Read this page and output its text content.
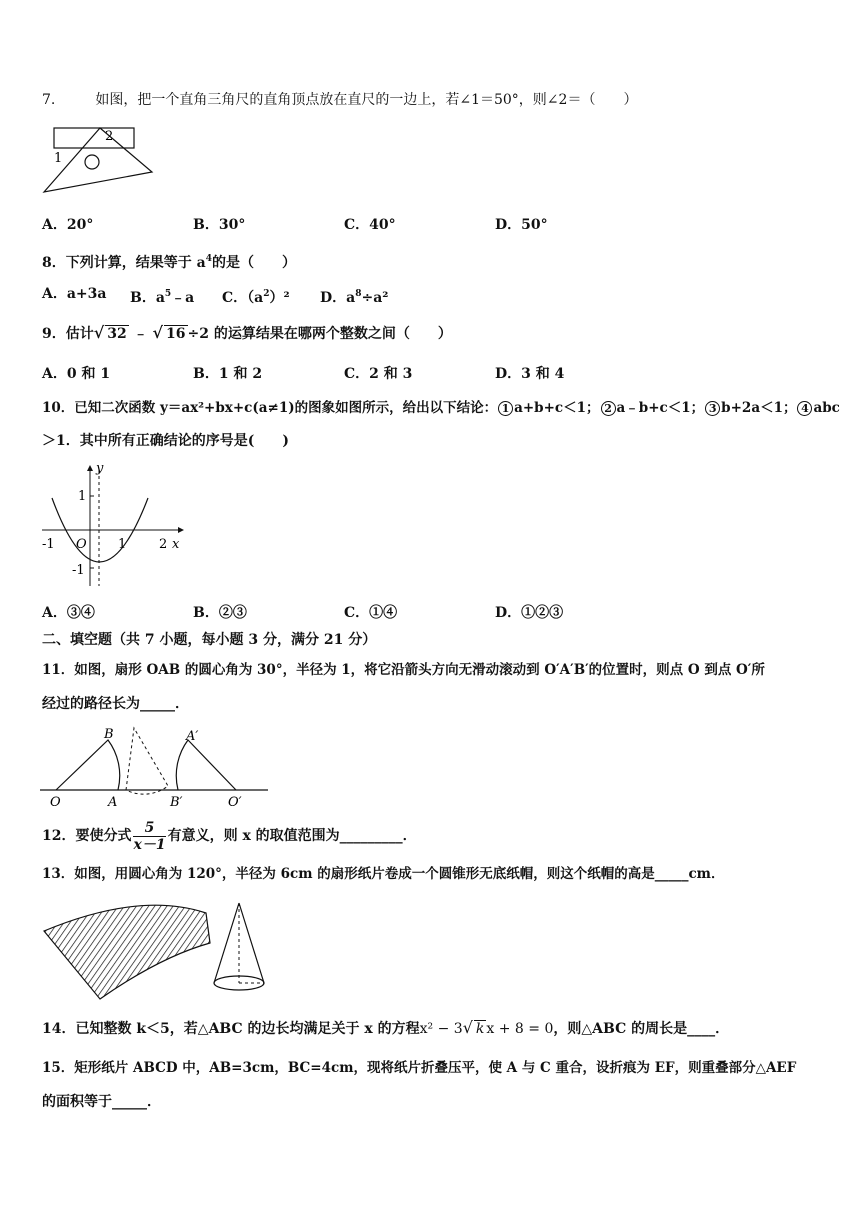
7.	如图，把一个直角三角尺的直角顶点放在直尺的一边上，若∠1＝50°，则∠2＝（　　）
1
2
A．20°	B．30°	C．40°	D．50°
8．下列计算，结果等于 $a^4$的是（　　）
A．a+3a B．$a^5﹣a$ C．$(a^2)^2$ D．$a^8\div a^2$
9．估计√ 32 ﹣ √ 16 ÷2 的运算结果在哪两个整数之间（　　）
A．0 和 1	B．1 和 2	C．2 和 3	D．3 和 4
10．已知二次函数 y＝ax²+bx+c(a≠1)的图象如图所示，给出以下结论： 1 a+b+c＜1； 2 a﹣b+c＜1； 3 b+2a＜1； 4 abc
＞1．其中所有正确结论的序号是(　　)
y
x
O
1
-1
-1	1	2
A．③④	B．②③	C．①④	D．①②③
二、填空题（共 7 小题，每小题 3 分，满分 21 分）
11．如图，扇形 OAB 的圆心角为 30°，半径为 1，将它沿箭头方向无滑动滚动到 O′A′B′的位置时，则点 O 到点 O′所
经过的路径长为_____．
B	A′
O	A	B′	O′
12．要使分式 $\frac{5}{x-1}$ 有意义，则 x 的取值范围为_________．
13．如图，用圆心角为 120°，半径为 6cm 的扇形纸片卷成一个圆锥形无底纸帽，则这个纸帽的高是_____cm．
14．已知整数 k＜5，若△ABC 的边长均满足关于 x 的方程x² − 3√ k x + 8 = 0，则△ABC 的周长是____．
15．矩形纸片 ABCD 中，AB=3cm，BC=4cm，现将纸片折叠压平，使 A 与 C 重合，设折痕为 EF，则重叠部分△AEF
的面积等于_____．
